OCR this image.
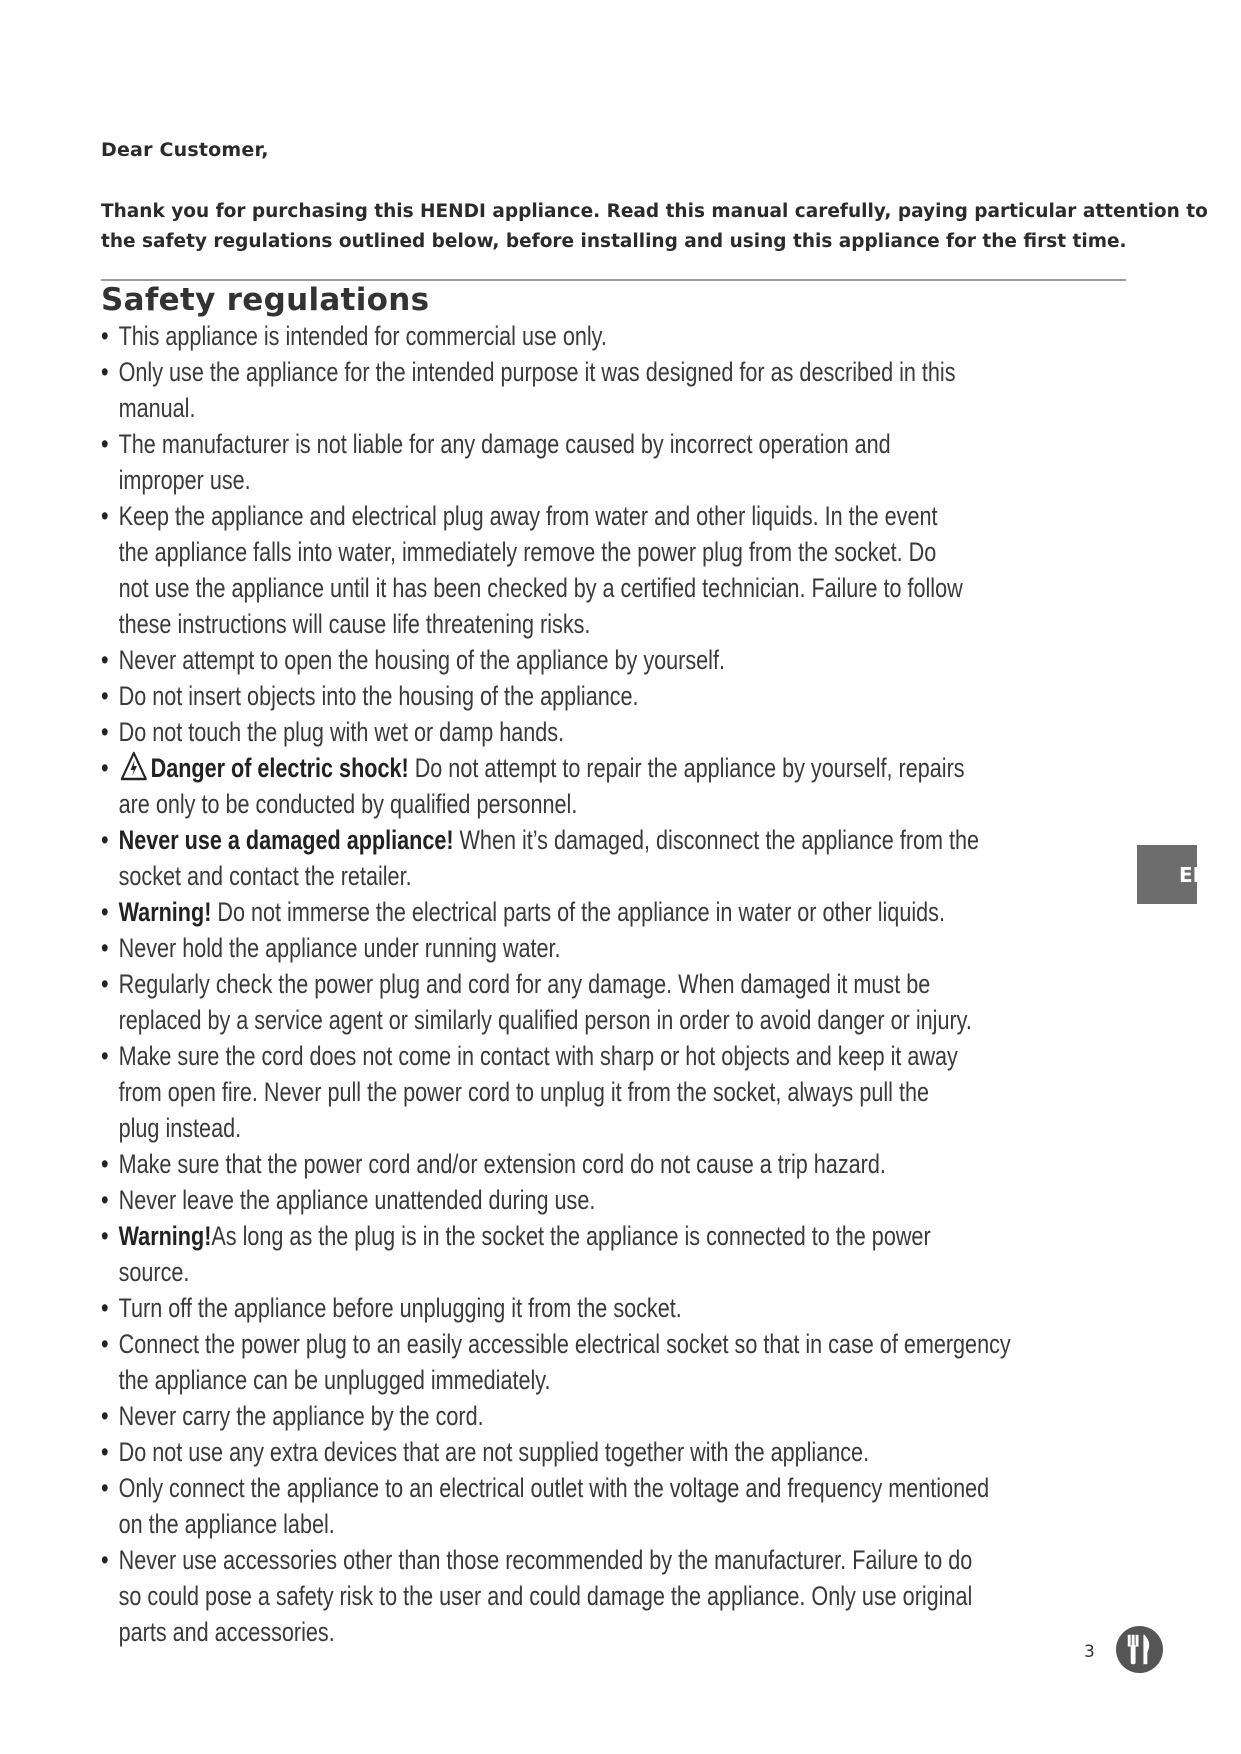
Dear Customer,
Thank you for purchasing this HENDI appliance. Read this manual carefully, paying particular attention to
the safety regulations outlined below, before installing and using this appliance for the first time.
Safety regulations
• This appliance is intended for commercial use only.
• Only use the appliance for the intended purpose it was designed for as described in this
manual.
• The manufacturer is not liable for any damage caused by incorrect operation and
improper use.
• Keep the appliance and electrical plug away from water and other liquids. In the event
the appliance falls into water, immediately remove the power plug from the socket. Do
not use the appliance until it has been checked by a certified technician. Failure to follow
these instructions will cause life threatening risks.
• Never attempt to open the housing of the appliance by yourself.
• Do not insert objects into the housing of the appliance.
• Do not touch the plug with wet or damp hands.
• Danger of electric shock! Do not attempt to repair the appliance by yourself, repairs
are only to be conducted by qualified personnel.
• Never use a damaged appliance! When it’s damaged, disconnect the appliance from the
socket and contact the retailer.
• Warning! Do not immerse the electrical parts of the appliance in water or other liquids.
• Never hold the appliance under running water.
• Regularly check the power plug and cord for any damage. When damaged it must be
replaced by a service agent or similarly qualified person in order to avoid danger or injury.
• Make sure the cord does not come in contact with sharp or hot objects and keep it away
from open fire. Never pull the power cord to unplug it from the socket, always pull the
plug instead.
• Make sure that the power cord and/or extension cord do not cause a trip hazard.
• Never leave the appliance unattended during use.
• Warning!As long as the plug is in the socket the appliance is connected to the power
source.
• Turn off the appliance before unplugging it from the socket.
• Connect the power plug to an easily accessible electrical socket so that in case of emergency
the appliance can be unplugged immediately.
• Never carry the appliance by the cord.
• Do not use any extra devices that are not supplied together with the appliance.
• Only connect the appliance to an electrical outlet with the voltage and frequency mentioned
on the appliance label.
• Never use accessories other than those recommended by the manufacturer. Failure to do
so could pose a safety risk to the user and could damage the appliance. Only use original
parts and accessories.
EN
3
